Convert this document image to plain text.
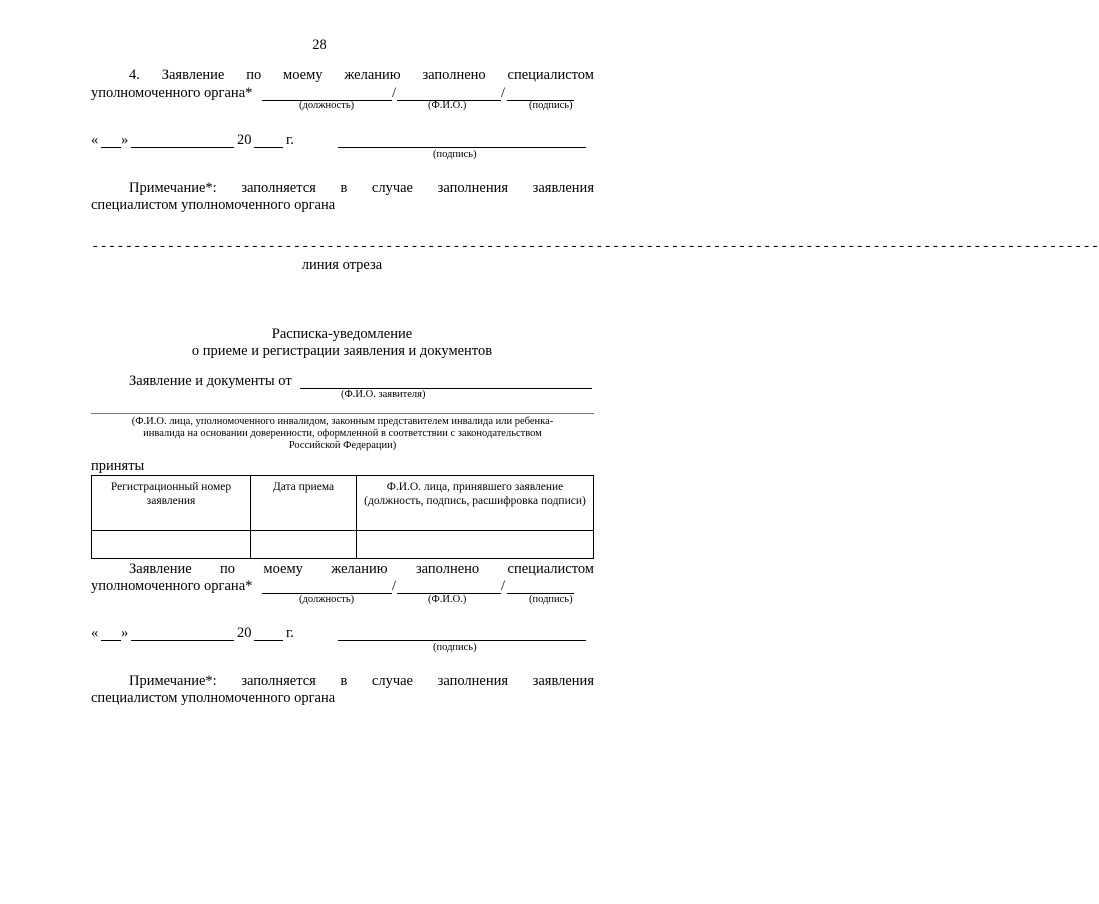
28
4. Заявление по моему желанию заполнено специалистом
уполномоченного органа*	/	/
(должность)	(Ф.И.О.)	(подпись)
« »	20 г.
(подпись)
Примечание*: заполняется в случае заполнения заявления
специалистом уполномоченного органа
------------------------------------------------------------------------------------------------------------------------
линия отреза
Расписка-уведомление
о приеме и регистрации заявления и документов
Заявление и документы от
(Ф.И.О. заявителя)
(Ф.И.О. лица, уполномоченного инвалидом, законным представителем инвалида или ребенка-
инвалида на основании доверенности, оформленной в соответствии с законодательством
Российской Федерации)
приняты
Регистрационный номер заявления	Дата приема	Ф.И.О. лица, принявшего заявление (должность, подпись, расшифровка подписи)

Заявление по моему желанию заполнено специалистом
уполномоченного органа*	/	/
(должность)	(Ф.И.О.)	(подпись)
« »	20 г.
(подпись)
Примечание*: заполняется в случае заполнения заявления
специалистом уполномоченного органа
